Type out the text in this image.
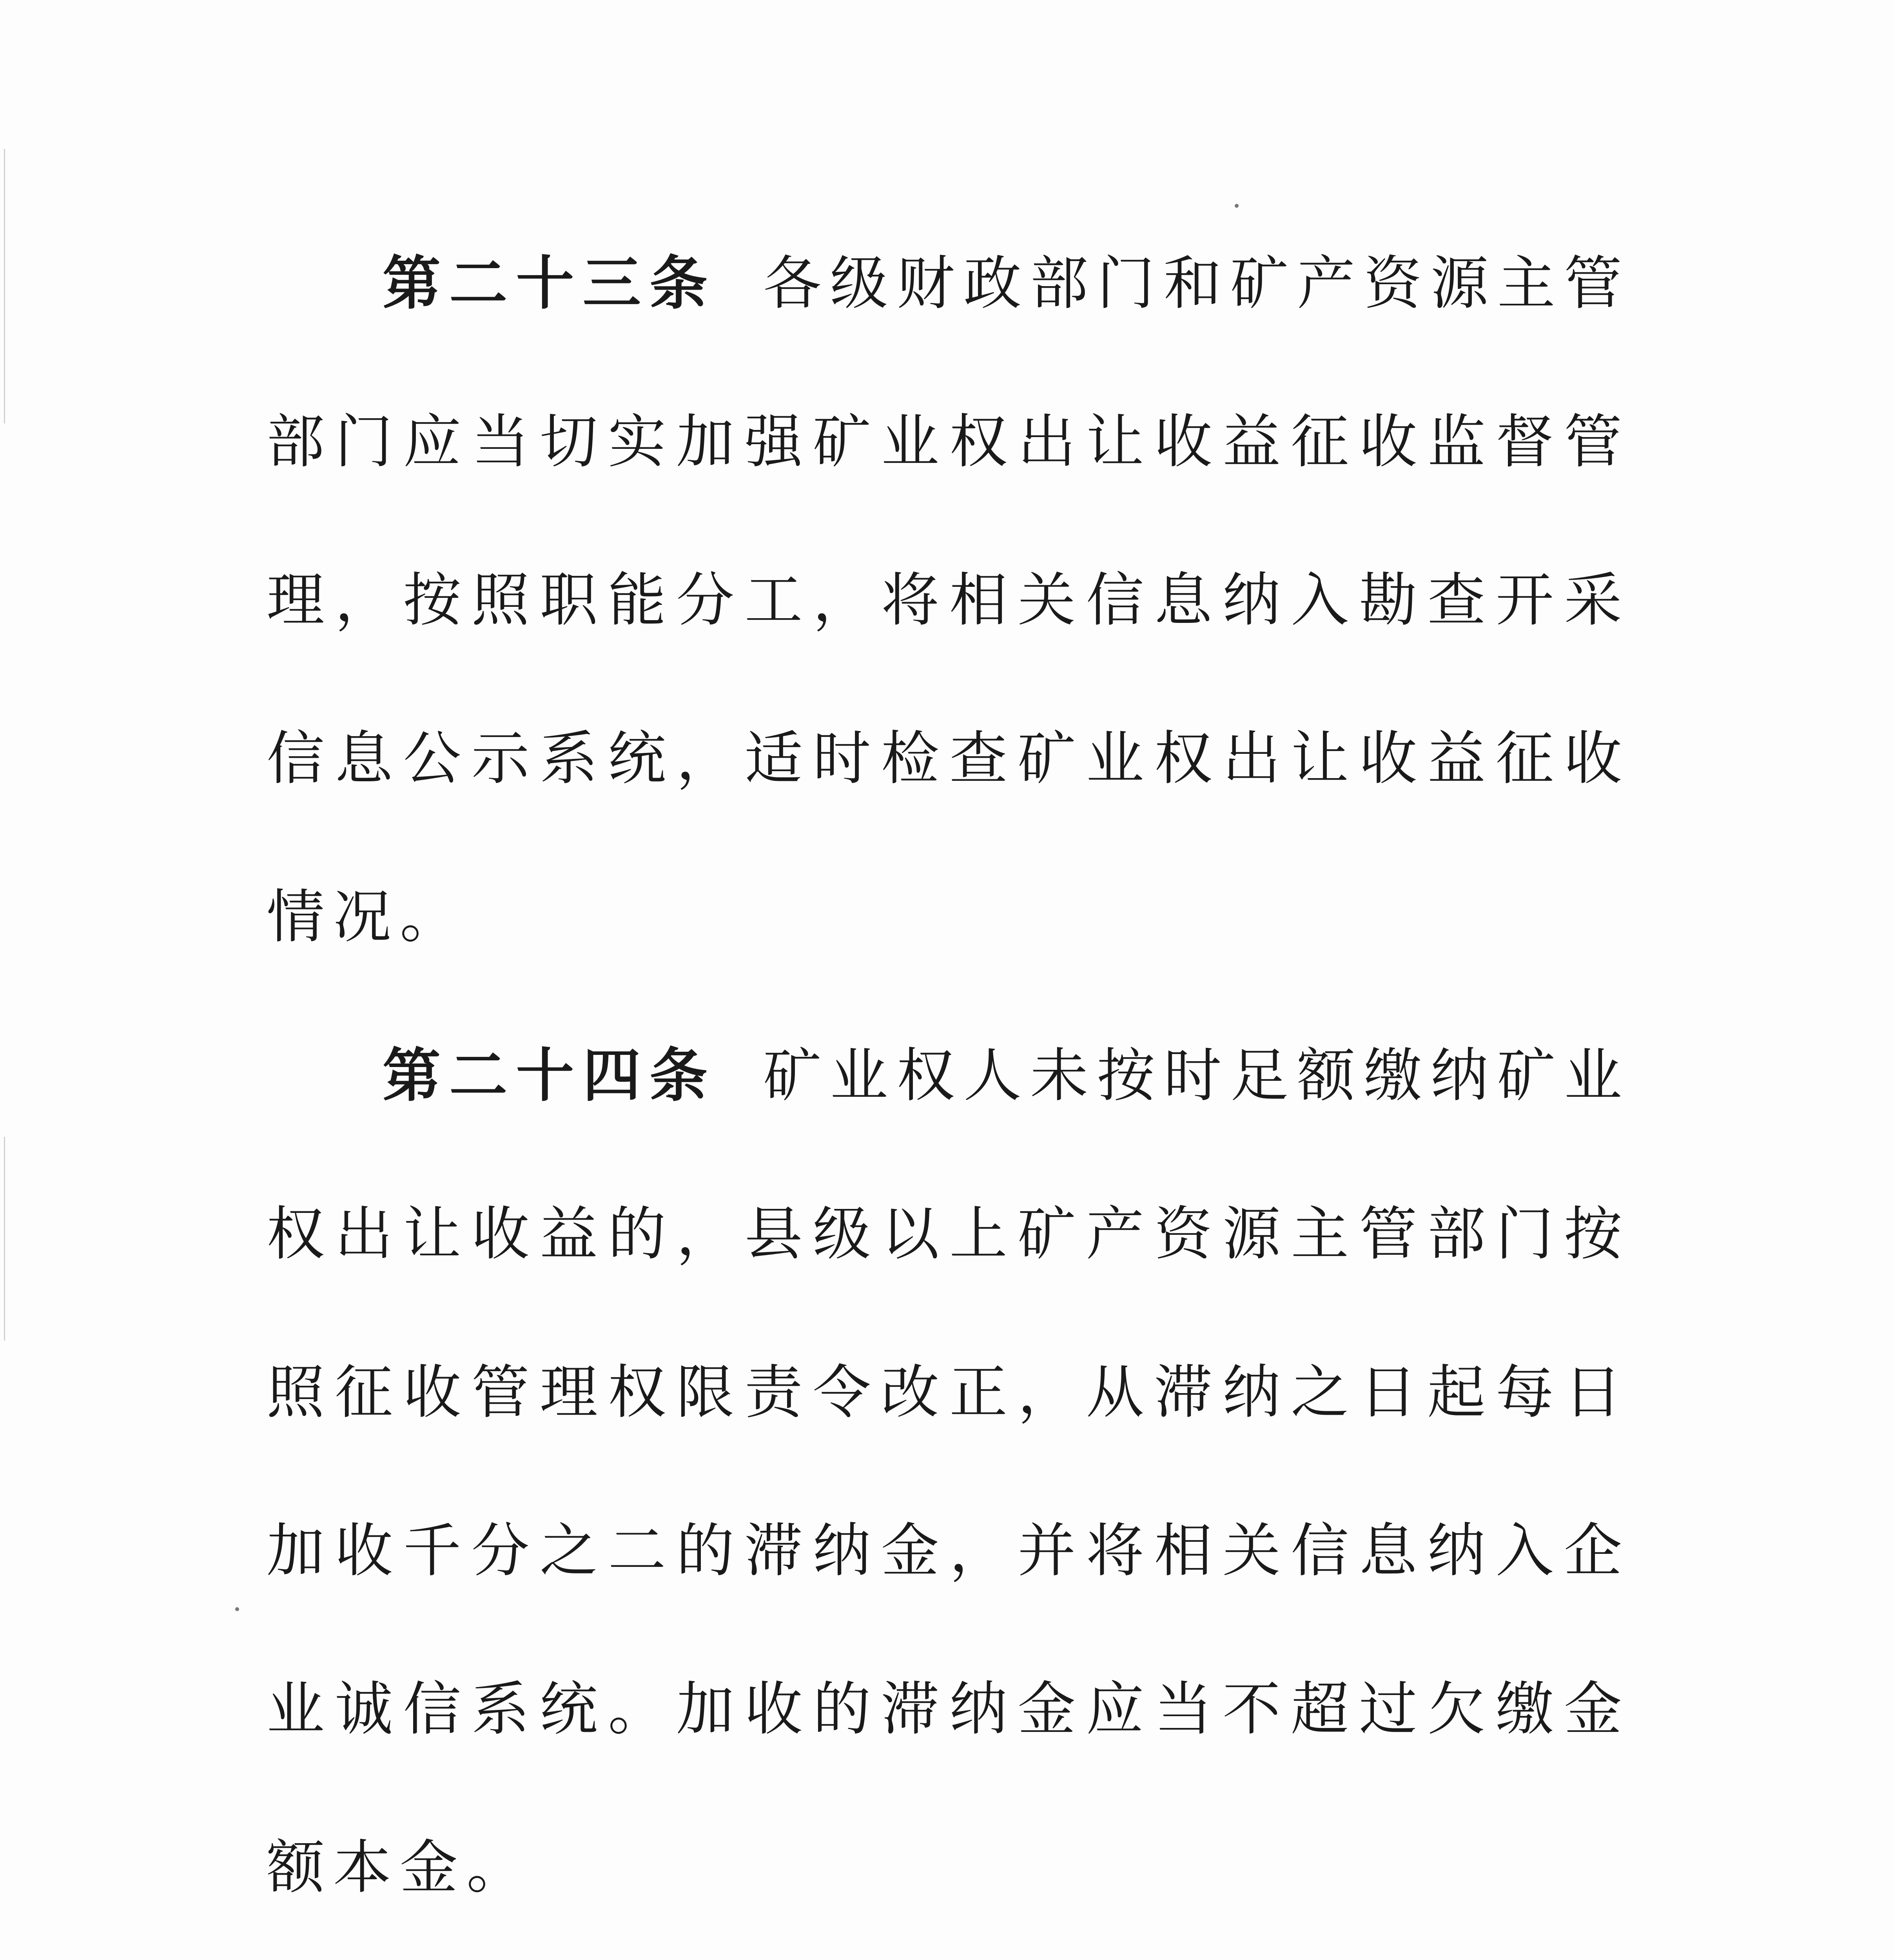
第二十三条 各级财政部门和矿产资源主管部门应当切实加强矿业权出让收益征收监督管理，按照职能分工，将相关信息纳入勘查开采信息公示系统，适时检查矿业权出让收益征收情况。

第二十四条 矿业权人未按时足额缴纳矿业权出让收益的，县级以上矿产资源主管部门按照征收管理权限责令改正，从滞纳之日起每日加收千分之二的滞纳金，并将相关信息纳入企业诚信系统。加收的滞纳金应当不超过欠缴金额本金。
